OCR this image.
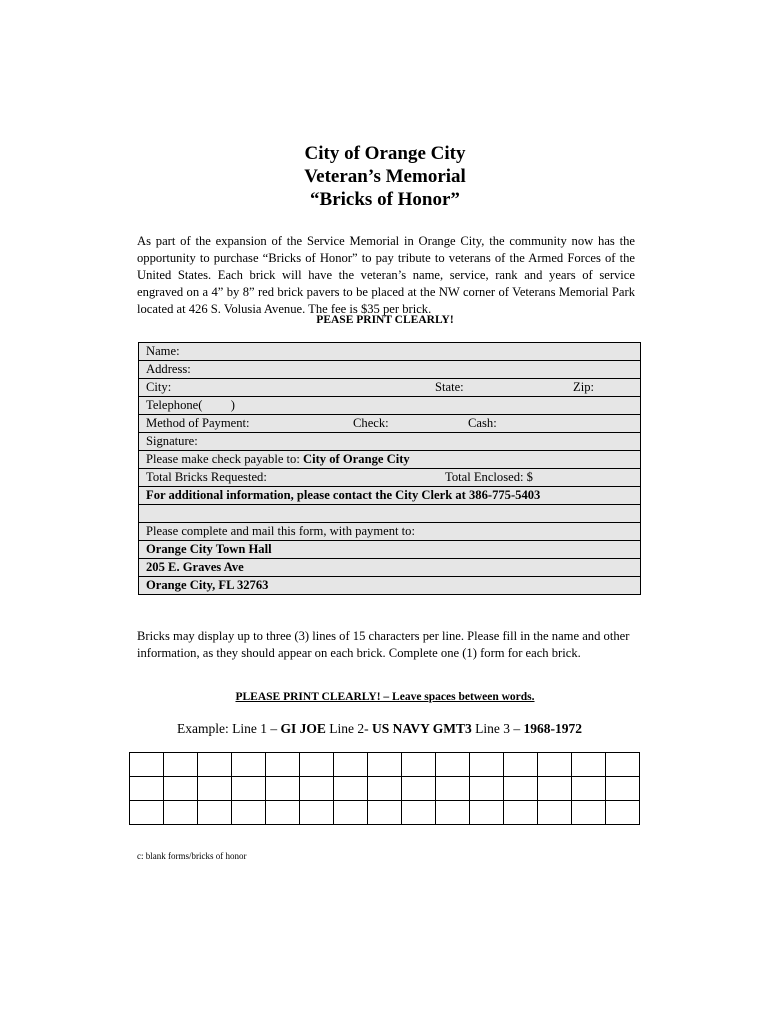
City of Orange City
Veteran’s Memorial
“Bricks of Honor”
As part of the expansion of the Service Memorial in Orange City, the community now has the opportunity to purchase “Bricks of Honor” to pay tribute to veterans of the Armed Forces of the United States. Each brick will have the veteran’s name, service, rank and years of service engraved on a 4” by 8” red brick pavers to be placed at the NW corner of Veterans Memorial Park located at 426 S. Volusia Avenue. The fee is $35 per brick.
PEASE PRINT CLEARLY!
Name:
Address:
City:	State:	Zip:

Telephone(         )
Method of Payment:	Check:	Cash:

Signature:
Please make check payable to: City of Orange City
Total Bricks Requested:	Total Enclosed: $

For additional information, please contact the City Clerk at 386-775-5403

Please complete and mail this form, with payment to:
Orange City Town Hall
205 E. Graves Ave
Orange City, FL 32763
Bricks may display up to three (3) lines of 15 characters per line. Please fill in the name and other information, as they should appear on each brick. Complete one (1) form for each brick.
PLEASE PRINT CLEARLY! – Leave spaces between words.
Example: Line 1 – GI JOE Line 2- US NAVY GMT3 Line 3 – 1968-1972

c: blank forms/bricks of honor
